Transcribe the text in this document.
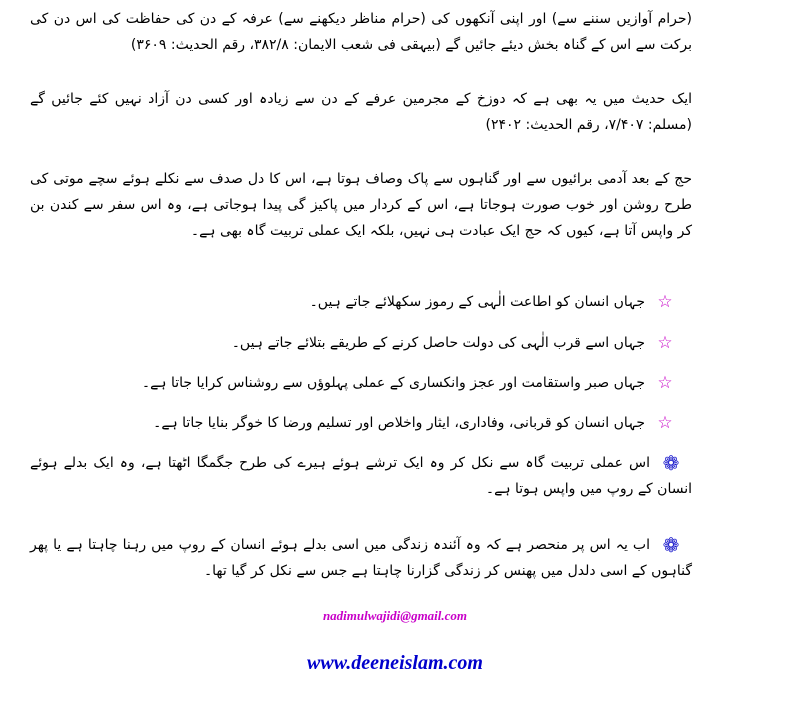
(حرام آوازیں سننے سے) اور اپنی آنکھوں کی (حرام مناظر دیکھنے سے) عرفہ کے دن کی حفاظت کی اس دن کی برکت سے اس کے گناہ بخش دیئے جائیں گے (بیہقی فی شعب الایمان: ۳۸۲/۸، رقم الحدیث: ۳۶۰۹)

ایک حدیث میں یہ بھی ہے کہ دوزخ کے مجرمین عرفے کے دن سے زیادہ اور کسی دن آزاد نہیں کئے جائیں گے (مسلم: ۷/۴۰۷، رقم الحدیث: ۲۴۰۲)

حج کے بعد آدمی برائیوں سے اور گناہوں سے پاک وصاف ہوتا ہے، اس کا دل صدف سے نکلے ہوئے سچے موتی کی طرح روشن اور خوب صورت ہوجاتا ہے، اس کے کردار میں پاکیز گی پیدا ہوجاتی ہے، وہ اس سفر سے کندن بن کر واپس آتا ہے، کیوں کہ حج ایک عبادت ہی نہیں، بلکہ ایک عملی تربیت گاہ بھی ہے۔

☆جہاں انسان کو اطاعت الٰہی کے رموز سکھلائے جاتے ہیں۔
☆جہاں اسے قرب الٰہی کی دولت حاصل کرنے کے طریقے بتلائے جاتے ہیں۔
☆جہاں صبر واستقامت اور عجز وانکساری کے عملی پہلوؤں سے روشناس کرایا جاتا ہے۔
☆جہاں انسان کو قربانی، وفاداری، ایثار واخلاص اور تسلیم ورضا کا خوگر بنایا جاتا ہے۔
❁
اس عملی تربیت گاہ سے نکل کر وہ ایک ترشے ہوئے ہیرے کی طرح جگمگا اٹھتا ہے، وہ ایک بدلے ہوئے انسان کے روپ میں واپس ہوتا ہے۔
❁
اب یہ اس پر منحصر ہے کہ وہ آئندہ زندگی میں اسی بدلے ہوئے انسان کے روپ میں رہنا چاہتا ہے یا پھر گناہوں کے اسی دلدل میں پھنس کر زندگی گزارنا چاہتا ہے جس سے نکل کر گیا تھا۔
nadimulwajidi@gmail.com
www.deeneislam.com
